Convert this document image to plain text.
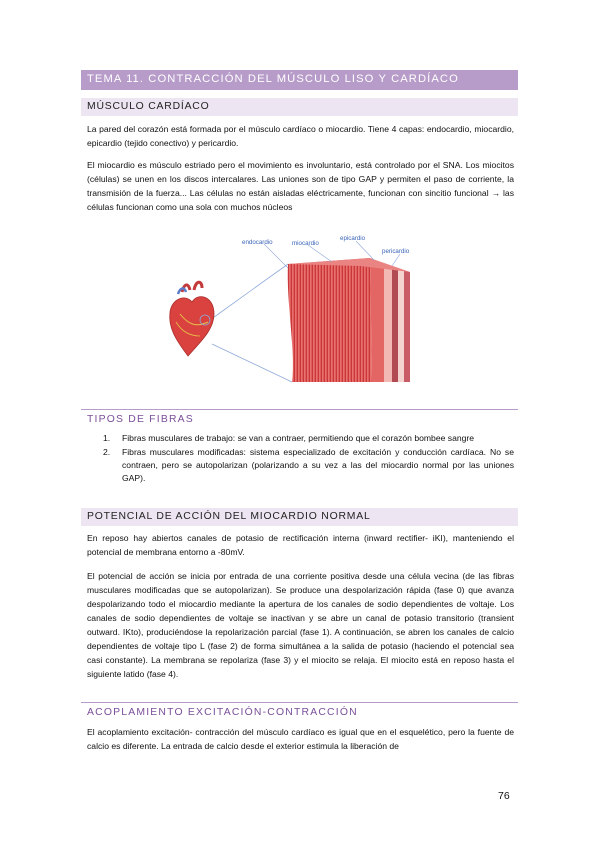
TEMA 11. CONTRACCIÓN DEL MÚSCULO LISO Y CARDÍACO
MÚSCULO CARDÍACO

La pared del corazón está formada por el músculo cardíaco o miocardio. Tiene 4 capas: endocardio, miocardio, epicardio (tejido conectivo) y pericardio.

El miocardio es músculo estriado pero el movimiento es involuntario, está controlado por el SNA. Los miocitos (células) se unen en los discos intercalares. Las uniones son de tipo GAP y permiten el paso de corriente, la transmisión de la fuerza... Las células no están aisladas eléctricamente, funcionan con sincitio funcional → las células funcionan como una sola con muchos núcleos

endocardio	miocardio
epicardio
pericardio
TIPOS DE FIBRAS
1. Fibras musculares de trabajo: se van a contraer, permitiendo que el corazón bombee sangre
2. Fibras musculares modificadas: sistema especializado de excitación y conducción cardíaca. No se contraen, pero se autopolarizan (polarizando a su vez a las del miocardio normal por las uniones GAP).
POTENCIAL DE ACCIÓN DEL MIOCARDIO NORMAL

En reposo hay abiertos canales de potasio de rectificación interna (inward rectifier- iKI), manteniendo el potencial de membrana entorno a -80mV.

El potencial de acción se inicia por entrada de una corriente positiva desde una célula vecina (de las fibras musculares modificadas que se autopolarizan). Se produce una despolarización rápida (fase 0) que avanza despolarizando todo el miocardio mediante la apertura de los canales de sodio dependientes de voltaje. Los canales de sodio dependientes de voltaje se inactivan y se abre un canal de potasio transitorio (transient outward. IKto), produciéndose la repolarización parcial (fase 1). A continuación, se abren los canales de calcio dependientes de voltaje tipo L (fase 2) de forma simultánea a la salida de potasio (haciendo el potencial sea casi constante). La membrana se repolariza (fase 3) y el miocito se relaja. El miocito está en reposo hasta el siguiente latido (fase 4).

ACOPLAMIENTO EXCITACIÓN-CONTRACCIÓN

El acoplamiento excitación- contracción del músculo cardíaco es igual que en el esquelético, pero la fuente de calcio es diferente. La entrada de calcio desde el exterior estimula la liberación de

76
